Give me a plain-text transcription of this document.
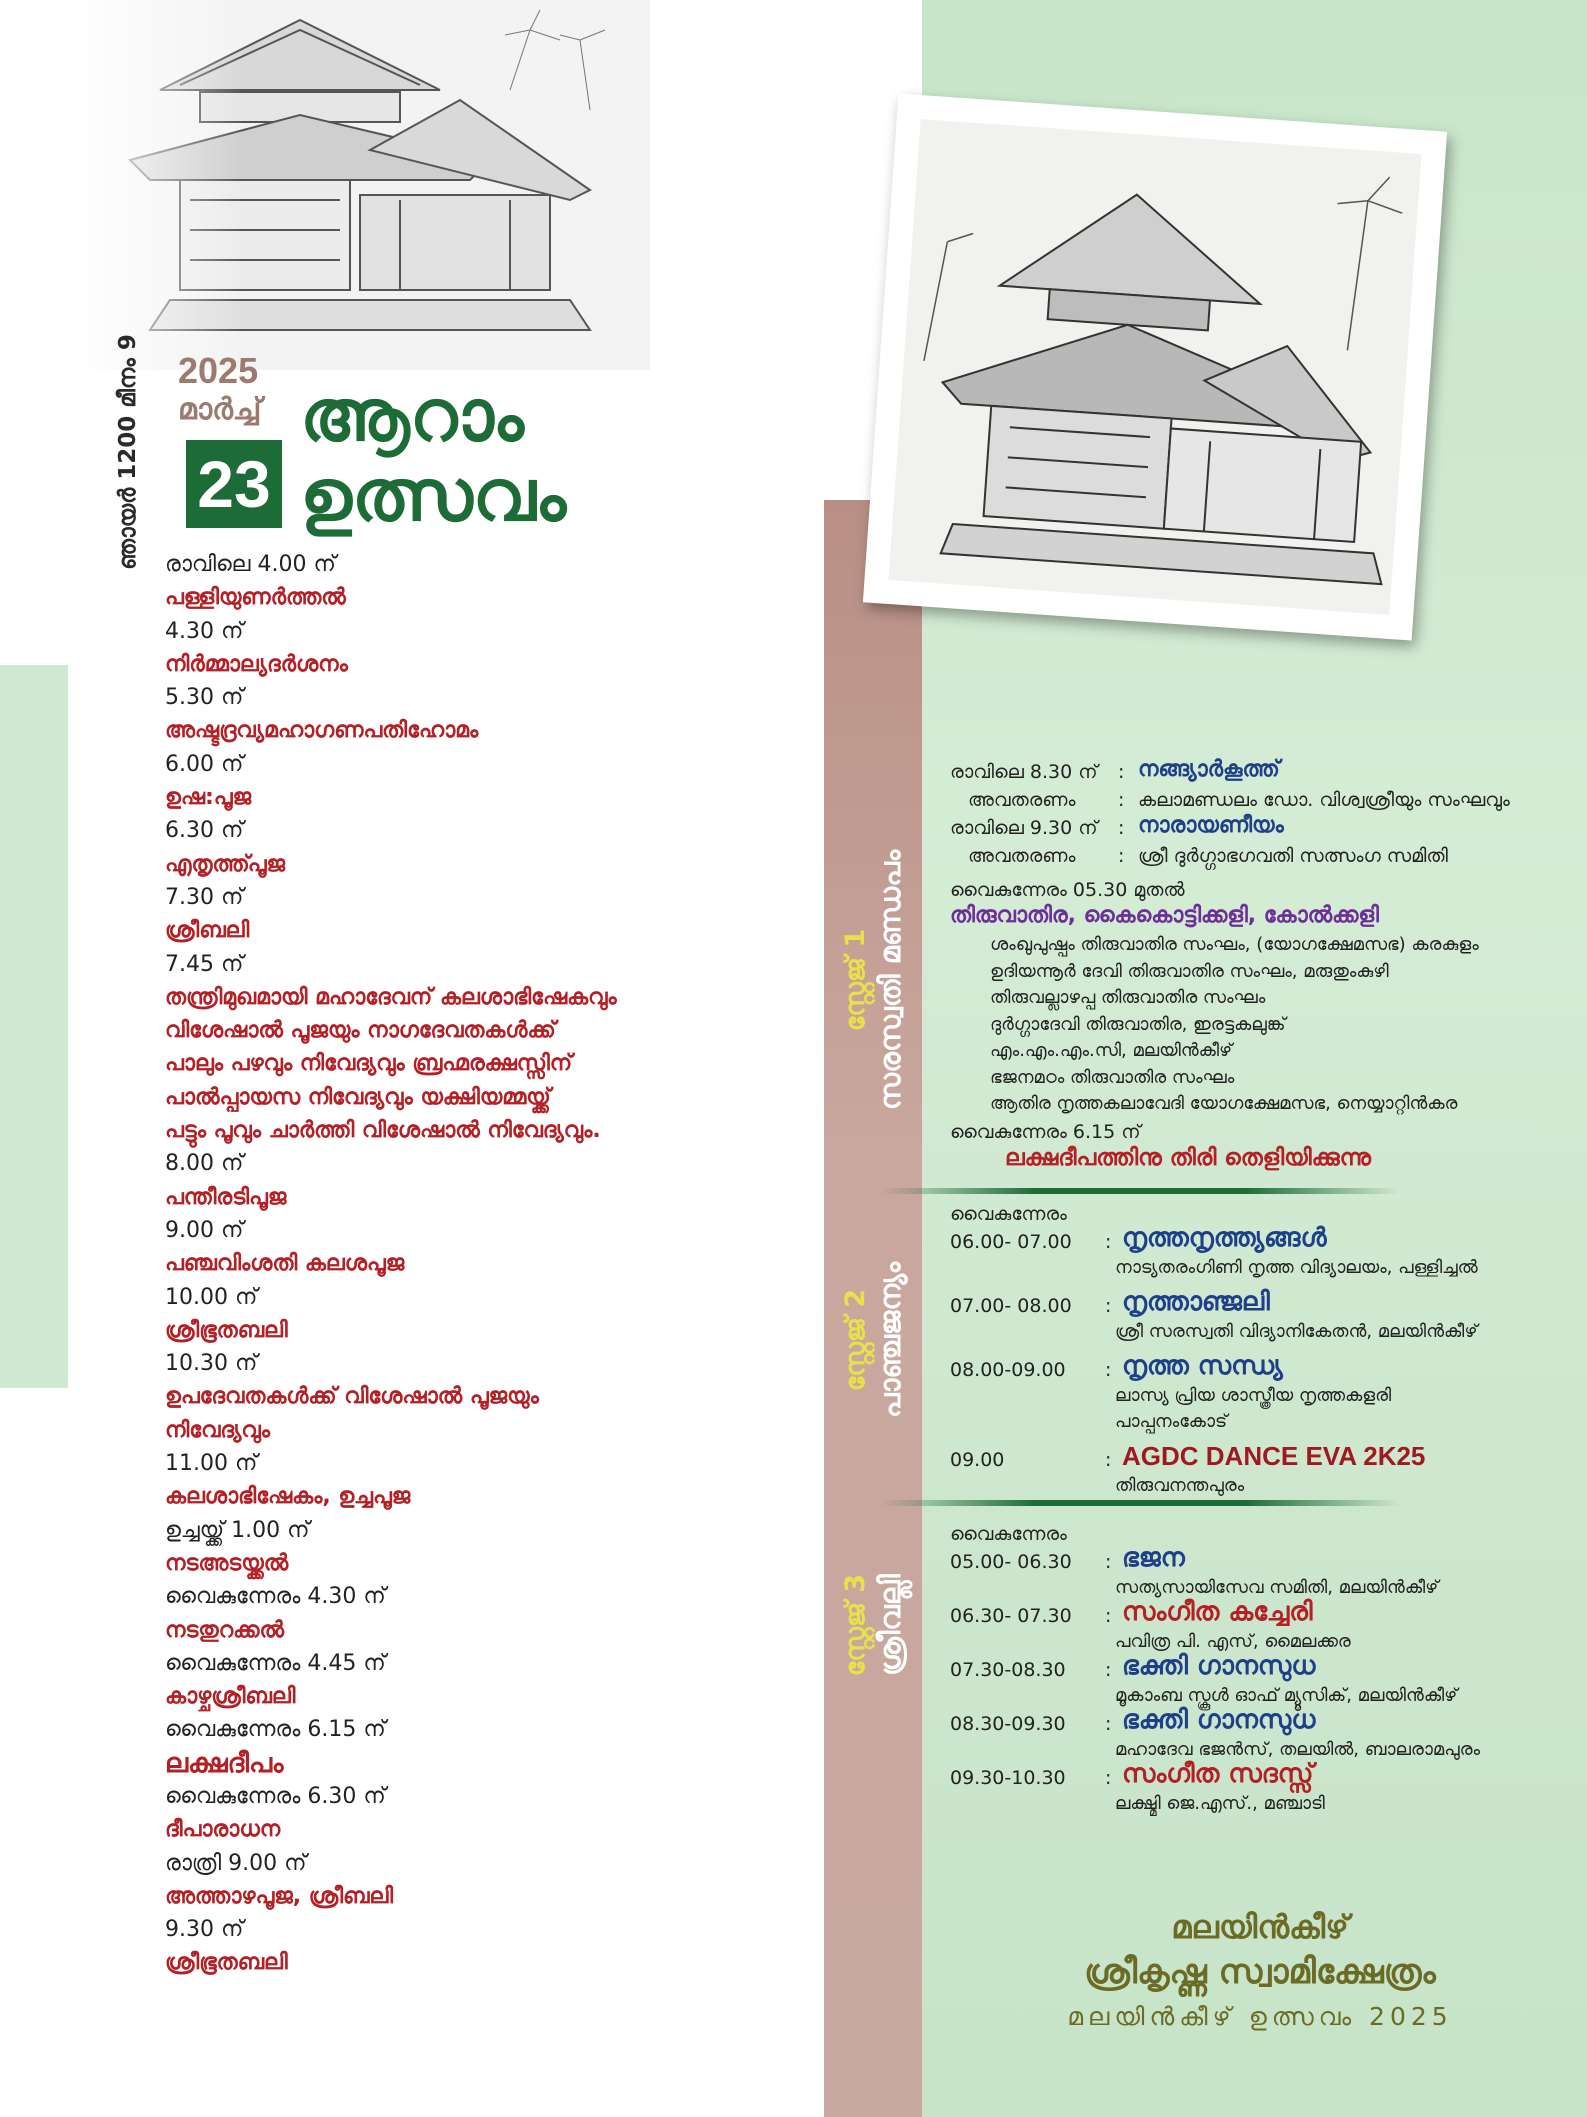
ഞായർ 1200 മീനം 9 2025
മാർച്ച്
23
ആറാം
ഉത്സവം
രാവിലെ 4.00 ന്
പള്ളിയുണർത്തൽ
4.30 ന്
നിർമ്മാല്യദർശനം
5.30 ന്
അഷ്ടദ്രവ്യമഹാഗണപതിഹോമം
6.00 ന്
ഉഷ:പൂജ
6.30 ന്
എതൃത്ത്പൂജ
7.30 ന്
ശ്രീബലി
7.45 ന്
തന്ത്രിമുഖമായി മഹാദേവന് കലശാഭിഷേകവും
വിശേഷാൽ പൂജയും നാഗദേവതകൾക്ക്
പാലും പഴവും നിവേദ്യവും ബ്രഹ്മരക്ഷസ്സിന്
പാൽപ്പായസ നിവേദ്യവും യക്ഷിയമ്മയ്ക്ക്
പട്ടും പൂവും ചാർത്തി വിശേഷാൽ നിവേദ്യവും.
8.00 ന്
പന്തീരടിപൂജ
9.00 ന്
പഞ്ചവിംശതി കലശപൂജ
10.00 ന്
ശ്രീഭൂതബലി
10.30 ന്
ഉപദേവതകൾക്ക് വിശേഷാൽ പൂജയും
നിവേദ്യവും
11.00 ന്
കലശാഭിഷേകം, ഉച്ചപൂജ
ഉച്ചയ്ക്ക് 1.00 ന്
നടഅടയ്ക്കൽ
വൈകുന്നേരം 4.30 ന്
നടതുറക്കൽ
വൈകുന്നേരം 4.45 ന്
കാഴ്ചശ്രീബലി
വൈകുന്നേരം 6.15 ന്
ലക്ഷദീപം
വൈകുന്നേരം 6.30 ന്
ദീപാരാധന
രാത്രി 9.00 ന്
അത്താഴപൂജ, ശ്രീബലി
9.30 ന്
ശ്രീഭൂതബലി
സ്റ്റേജ് 1 സരസ്വതി മണ്ഡപം
സ്റ്റേജ് 2 പാഞ്ചജന്യം
സ്റ്റേജ് 3 ശ്രീവല്ലി
രാവിലെ 8.30 ന് : നങ്ങ്യാർകൂത്ത്
അവതരണം : കലാമണ്ഡലം ഡോ. വിശ്വശ്രീയും സംഘവും
രാവിലെ 9.30 ന് : നാരായണീയം
അവതരണം : ശ്രീ ദുർഗ്ഗാഭഗവതി സത്സംഗ സമിതി
വൈകുന്നേരം 05.30 മുതൽ
തിരുവാതിര, കൈകൊട്ടിക്കളി, കോൽക്കളി
ശംഖുപുഷ്പം തിരുവാതിര സംഘം, (യോഗക്ഷേമസഭ) കരകുളം
ഉദിയന്നൂർ ദേവി തിരുവാതിര സംഘം, മരുതുംകുഴി
തിരുവല്ലാഴപ്പ തിരുവാതിര സംഘം
ദുർഗ്ഗാദേവി തിരുവാതിര, ഇരട്ടകലുങ്ക്
എം.എം.എം.സി, മലയിൻകീഴ്
ഭജനമഠം തിരുവാതിര സംഘം
ആതിര നൃത്തകലാവേദി യോഗക്ഷേമസഭ, നെയ്യാറ്റിൻകര
വൈകുന്നേരം 6.15 ന്
ലക്ഷദീപത്തിനു തിരി തെളിയിക്കുന്നു
വൈകുന്നേരം
06.00- 07.00 : നൃത്തനൃത്ത്യങ്ങൾ
നാട്യതരംഗിണി നൃത്ത വിദ്യാലയം, പള്ളിച്ചൽ
07.00- 08.00 : നൃത്താഞ്ജലി
ശ്രീ സരസ്വതി വിദ്യാനികേതൻ, മലയിൻകീഴ്
08.00-09.00 : നൃത്ത സന്ധ്യ
ലാസ്യ പ്രിയ ശാസ്ത്രീയ നൃത്തകളരി
പാപ്പനംകോട്
09.00	: AGDC DANCE EVA 2K25
തിരുവനന്തപുരം
വൈകുന്നേരം
05.00- 06.30 : ഭജന
സത്യസായിസേവ സമിതി, മലയിൻകീഴ്
06.30- 07.30 : സംഗീത കച്ചേരി
പവിത്ര പി. എസ്, മൈലക്കര
07.30-08.30 : ഭക്തി ഗാനസുധ
മൂകാംബ സ്കൂൾ ഓഫ് മ്യൂസിക്, മലയിൻകീഴ്
08.30-09.30 : ഭക്തി ഗാനസുധ
മഹാദേവ ഭജൻസ്, തലയിൽ, ബാലരാമപുരം
09.30-10.30 : സംഗീത സദസ്സ്
ലക്ഷ്മി ജെ.എസ്., മഞ്ചാടി
മലയിൻകീഴ്
ശ്രീകൃഷ്ണ സ്വാമിക്ഷേത്രം
മലയിൻകീഴ് ഉത്സവം 2025
